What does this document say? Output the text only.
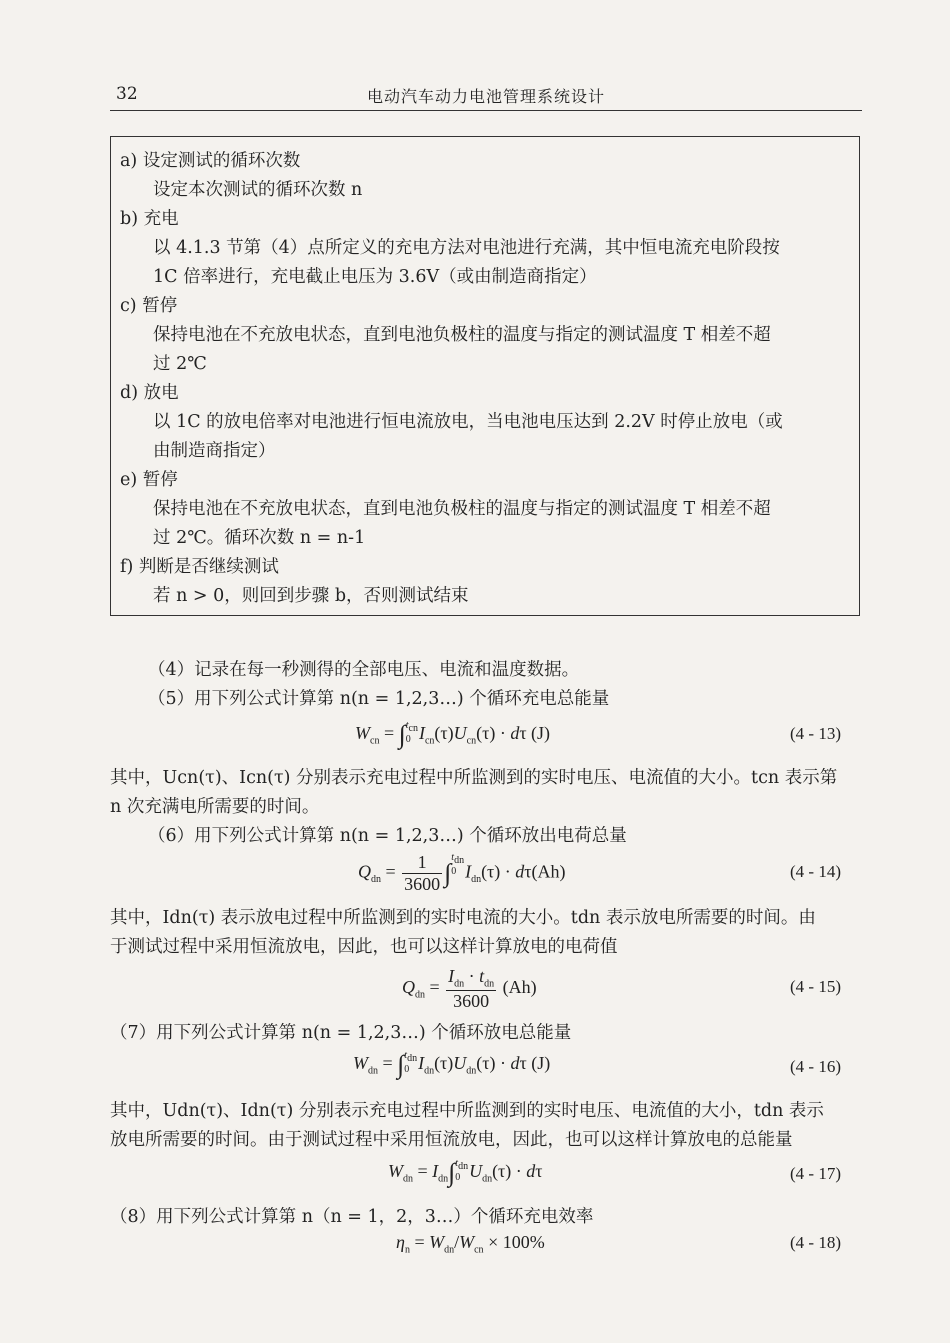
32	电动汽车动力电池管理系统设计
a) 设定测试的循环次数
设定本次测试的循环次数 n
b) 充电
以 4.1.3 节第（4）点所定义的充电方法对电池进行充满，其中恒电流充电阶段按
1C 倍率进行，充电截止电压为 3.6V（或由制造商指定）
c) 暂停
保持电池在不充放电状态，直到电池负极柱的温度与指定的测试温度 T 相差不超
过 2℃
d) 放电
以 1C 的放电倍率对电池进行恒电流放电，当电池电压达到 2.2V 时停止放电（或
由制造商指定）
e) 暂停
保持电池在不充放电状态，直到电池负极柱的温度与指定的测试温度 T 相差不超
过 2℃。循环次数 n = n-1
f) 判断是否继续测试
若 n > 0，则回到步骤 b，否则测试结束
（4）记录在每一秒测得的全部电压、电流和温度数据。
（5）用下列公式计算第 n(n = 1,2,3…) 个循环充电总能量
$W_{cn} = \int t_{cn}$
0 $I_{cn}(\tau)U_{cn}(\tau) \cdot d\tau$ (J)	(4 - 13)
其中，Ucn(τ)、Icn(τ) 分别表示充电过程中所监测到的实时电压、电流值的大小。tcn 表示第
n 次充满电所需要的时间。
（6）用下列公式计算第 n(n = 1,2,3…) 个循环放出电荷总量
$Q_{dn} = \frac{1}{3600} \int t_{dn}$
0 $I_{dn}(\tau) \cdot d\tau(Ah)$	(4 - 14)
其中，Idn(τ) 表示放电过程中所监测到的实时电流的大小。tdn 表示放电所需要的时间。由
于测试过程中采用恒流放电，因此，也可以这样计算放电的电荷值
$Q_{dn} = \frac{I_{dn} \cdot t_{dn}}{3600} (Ah)$	(4 - 15)
（7）用下列公式计算第 n(n = 1,2,3…) 个循环放电总能量
$W_{dn} = \int t_{dn}$
0 $I_{dn}(\tau)U_{dn}(\tau) \cdot d\tau$ (J)	(4 - 16)
其中，Udn(τ)、Idn(τ) 分别表示充电过程中所监测到的实时电压、电流值的大小，tdn 表示
放电所需要的时间。由于测试过程中采用恒流放电，因此，也可以这样计算放电的总能量
$W_{dn} = I_{dn}\int t_{dn}$
0 $U_{dn}(\tau) \cdot d\tau$	(4 - 17)
（8）用下列公式计算第 n（n = 1，2，3…）个循环充电效率
$\eta_n = W_{dn}/W_{cn} \times 100\%$	(4 - 18)
